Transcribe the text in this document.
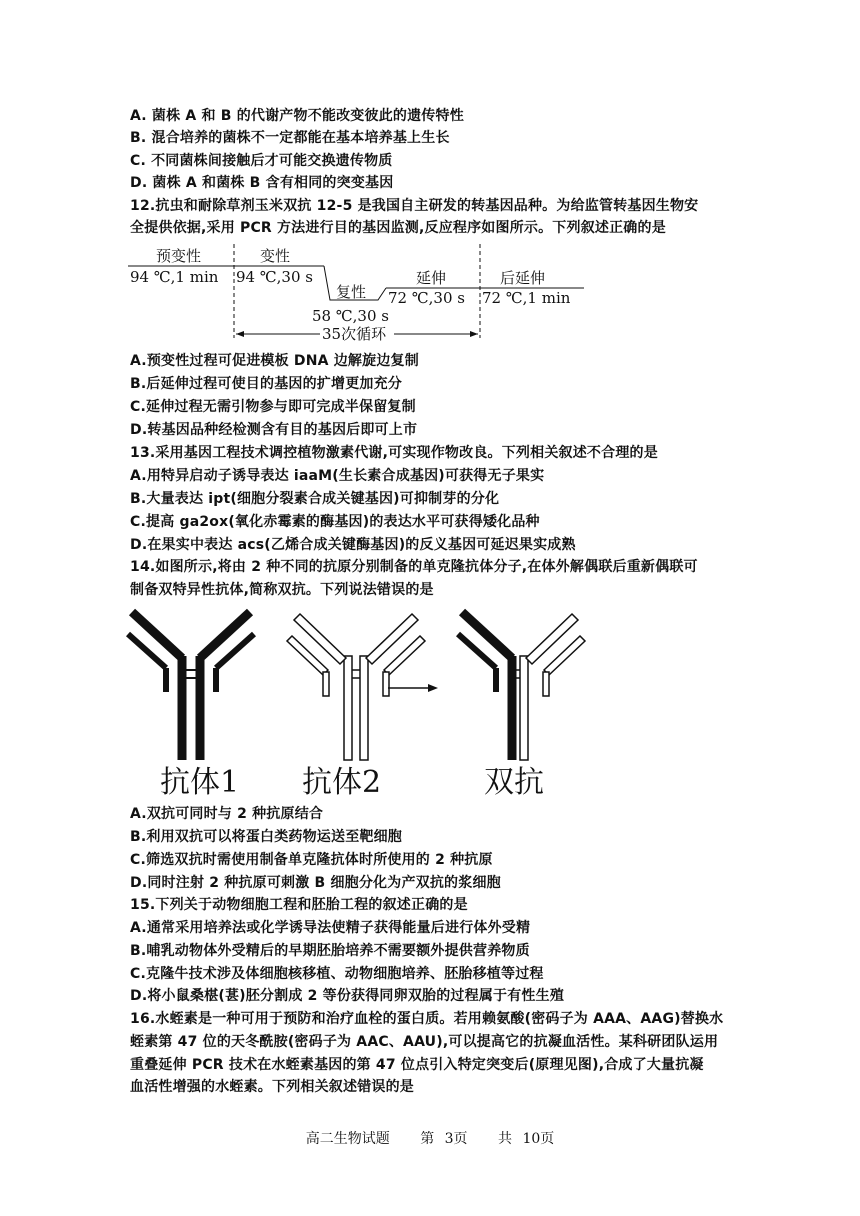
A. 菌株 A 和 B 的代谢产物不能改变彼此的遗传特性
B. 混合培养的菌株不一定都能在基本培养基上生长
C. 不同菌株间接触后才可能交换遗传物质
D. 菌株 A 和菌株 B 含有相同的突变基因
12.抗虫和耐除草剂玉米双抗 12-5 是我国自主研发的转基因品种。为给监管转基因生物安
全提供依据,采用 PCR 方法进行目的基因监测,反应程序如图所示。下列叙述正确的是
预变性
94 ℃,1 min
变性
94 ℃,30 s
复性
延伸
72 ℃,30 s
后延伸
72 ℃,1 min
58 ℃,30 s
35次循环
A.预变性过程可促进模板 DNA 边解旋边复制
B.后延伸过程可使目的基因的扩增更加充分
C.延伸过程无需引物参与即可完成半保留复制
D.转基因品种经检测含有目的基因后即可上市
13.采用基因工程技术调控植物激素代谢,可实现作物改良。下列相关叙述不合理的是
A.用特异启动子诱导表达 iaaM(生长素合成基因)可获得无子果实
B.大量表达 ipt(细胞分裂素合成关键基因)可抑制芽的分化
C.提高 ga2ox(氧化赤霉素的酶基因)的表达水平可获得矮化品种
D.在果实中表达 acs(乙烯合成关键酶基因)的反义基因可延迟果实成熟
14.如图所示,将由 2 种不同的抗原分别制备的单克隆抗体分子,在体外解偶联后重新偶联可
制备双特异性抗体,简称双抗。下列说法错误的是
抗体1 抗体2	双抗
A.双抗可同时与 2 种抗原结合
B.利用双抗可以将蛋白类药物运送至靶细胞
C.筛选双抗时需使用制备单克隆抗体时所使用的 2 种抗原
D.同时注射 2 种抗原可刺激 B 细胞分化为产双抗的浆细胞
15.下列关于动物细胞工程和胚胎工程的叙述正确的是
A.通常采用培养法或化学诱导法使精子获得能量后进行体外受精
B.哺乳动物体外受精后的早期胚胎培养不需要额外提供营养物质
C.克隆牛技术涉及体细胞核移植、动物细胞培养、胚胎移植等过程
D.将小鼠桑椹(葚)胚分割成 2 等份获得同卵双胎的过程属于有性生殖
16.水蛭素是一种可用于预防和治疗血栓的蛋白质。若用赖氨酸(密码子为 AAA、AAG)替换水
蛭素第 47 位的天冬酰胺(密码子为 AAC、AAU),可以提高它的抗凝血活性。某科研团队运用
重叠延伸 PCR 技术在水蛭素基因的第 47 位点引入特定突变后(原理见图),合成了大量抗凝
血活性增强的水蛭素。下列相关叙述错误的是
高二生物试题 第 3页 共 10页
